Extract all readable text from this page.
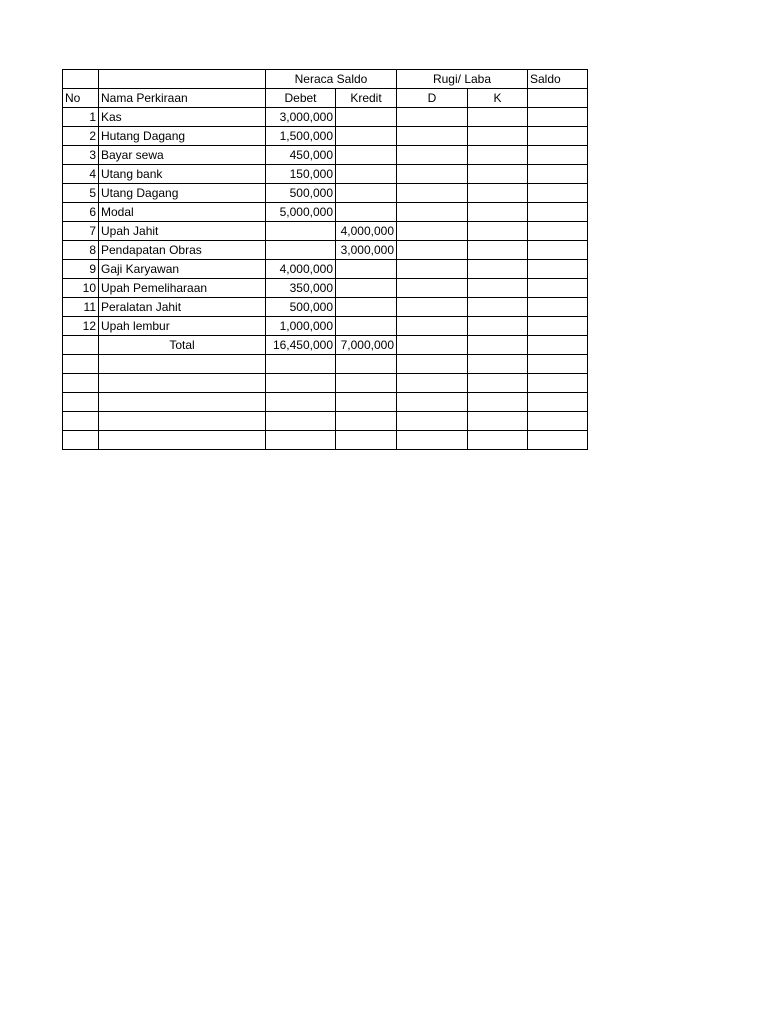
		Neraca Saldo		Rugi/ Laba		Saldo
No	Nama Perkiraan	Debet	Kredit	D	K	
1	Kas	3,000,000				
2	Hutang Dagang	1,500,000				
3	Bayar sewa	450,000				
4	Utang bank	150,000				
5	Utang Dagang	500,000				
6	Modal	5,000,000				
7	Upah Jahit		4,000,000			
8	Pendapatan Obras		3,000,000			
9	Gaji Karyawan	4,000,000				
10	Upah Pemeliharaan	350,000				
11	Peralatan Jahit	500,000				
12	Upah lembur	1,000,000				
	Total	16,450,000	7,000,000			
